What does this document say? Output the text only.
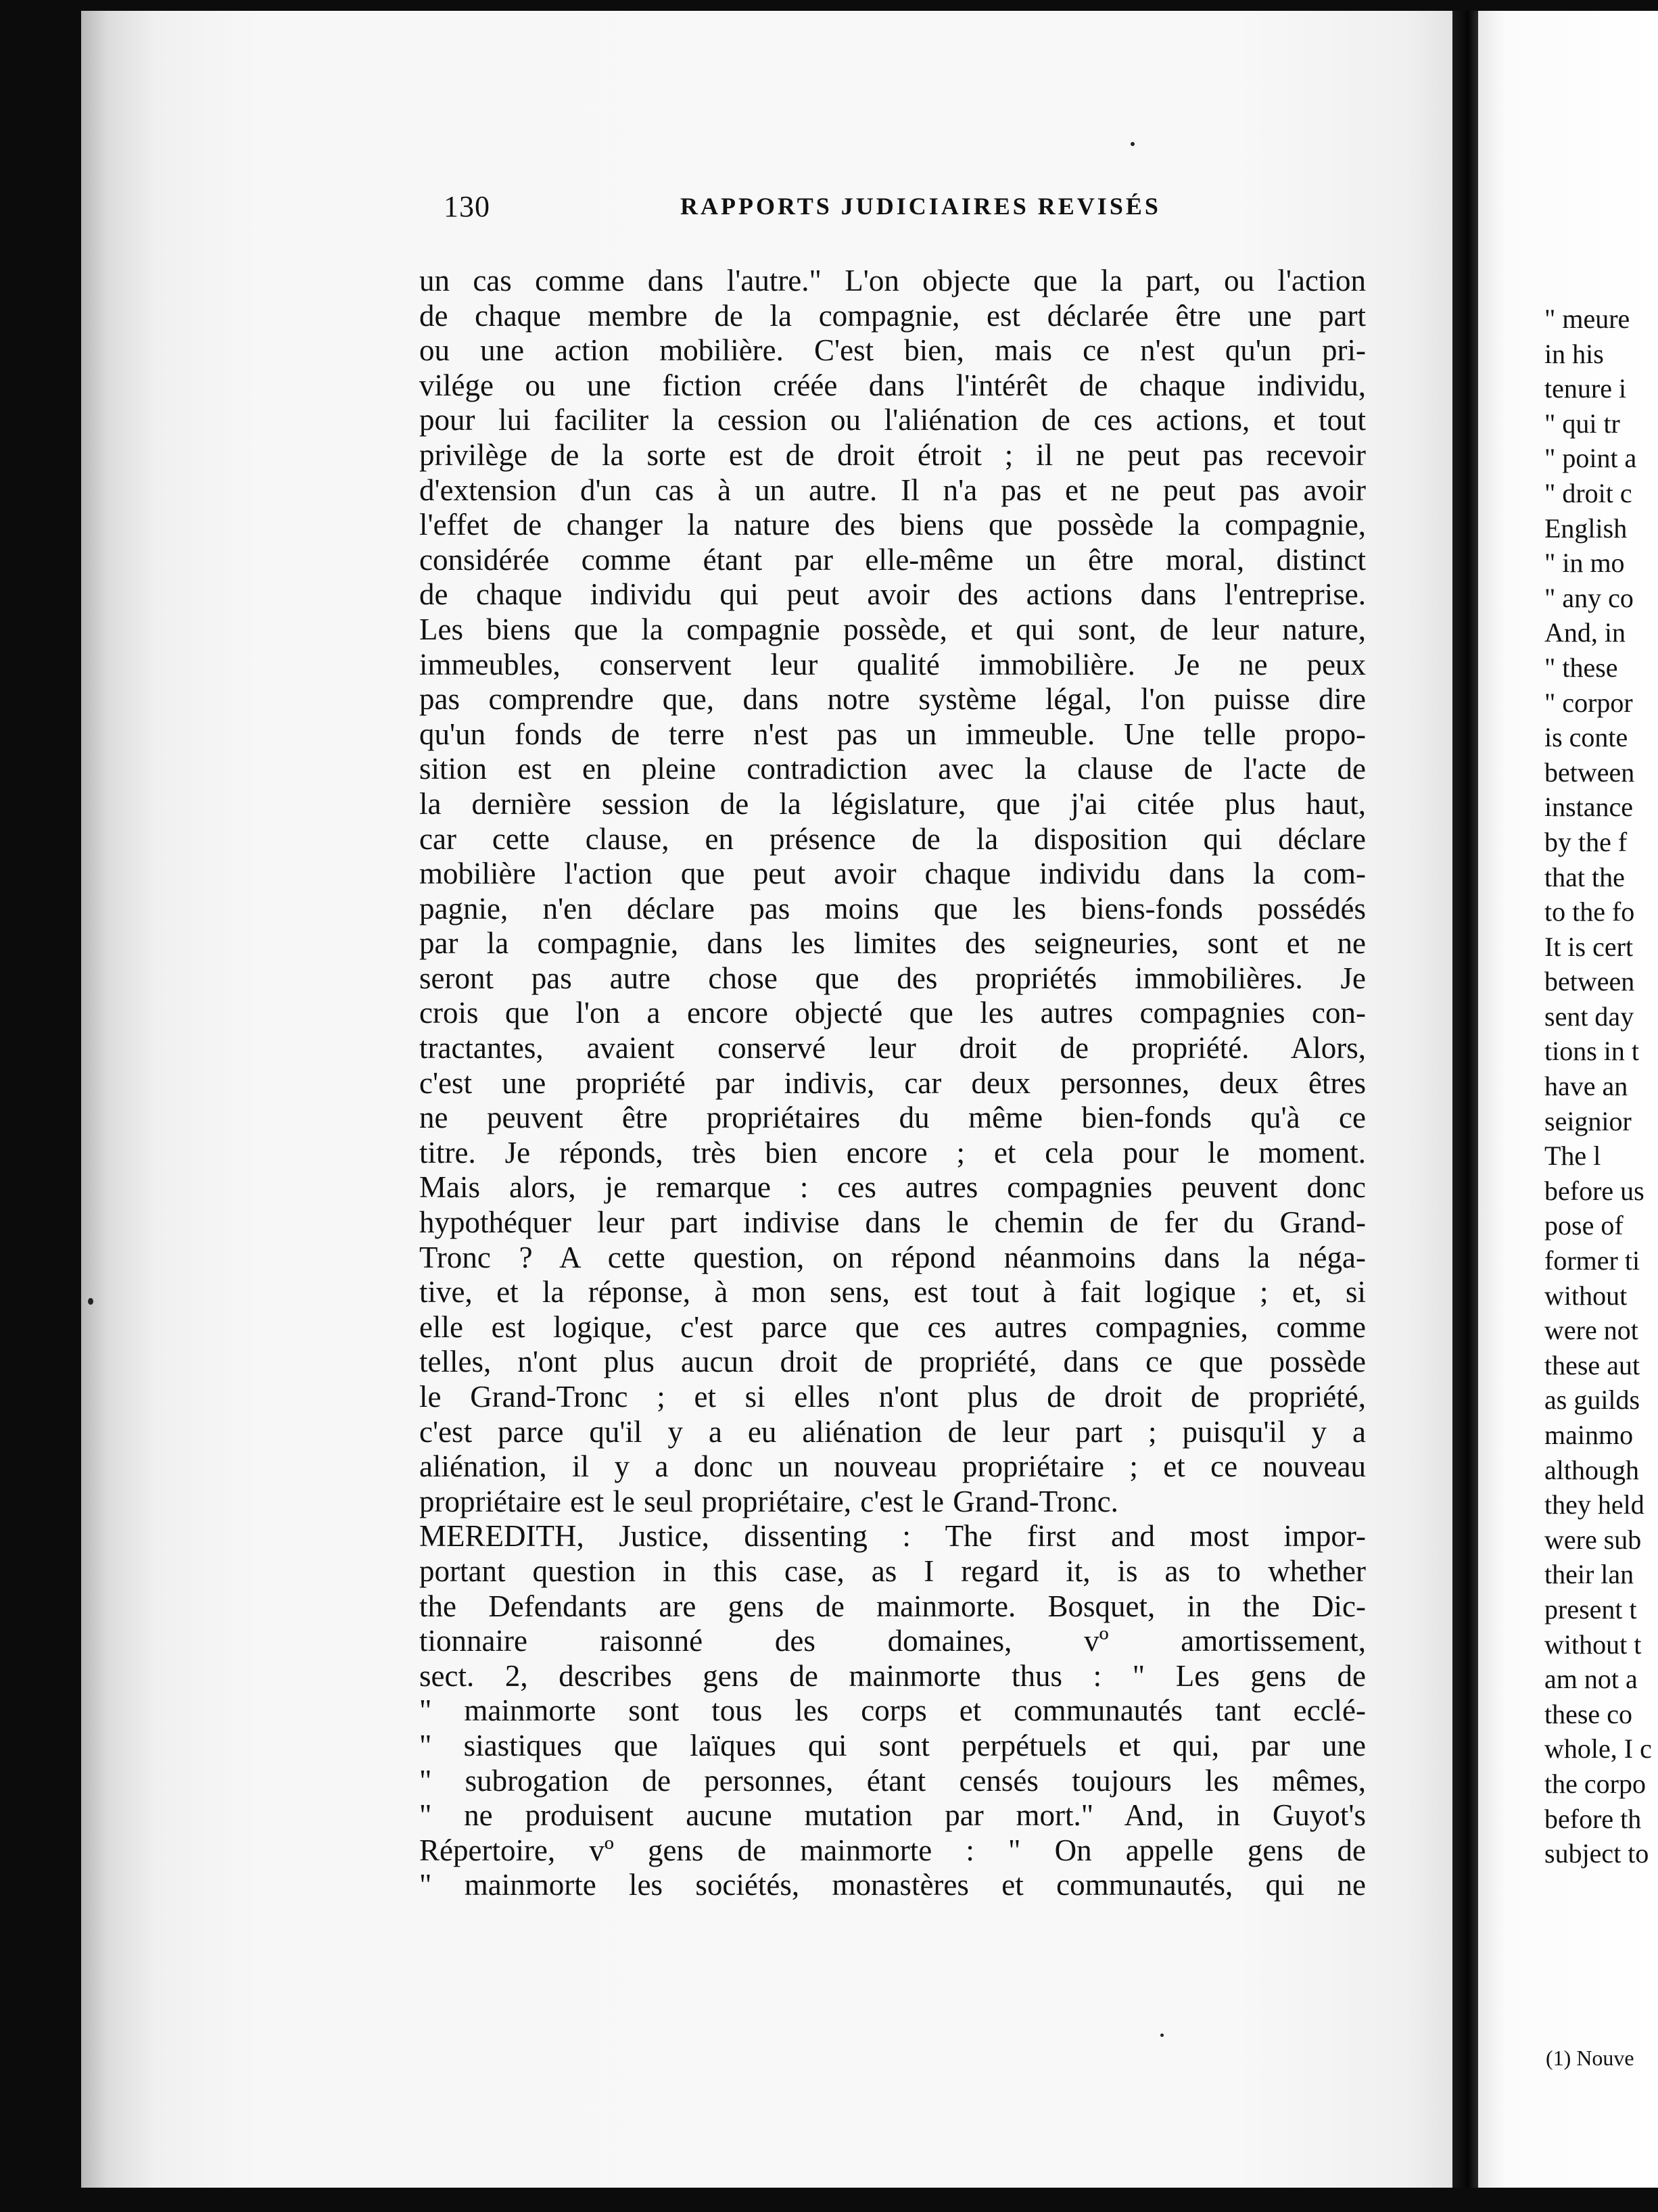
" meure
in his
tenure i
" qui tr
" point a
" droit c
English
" in mo
" any co
And, in
" these
" corpor
is conte
between
instance
by the f
that the
to the fo
It is cert
between
sent day
tions in t
have an
seignior
The l
before us
pose of
former ti
without
were not
these aut
as guilds
mainmo
although
they held
were sub
their lan
present t
without t
am not a
these co
whole, I c
the corpo
before th
subject to
(1) Nouve
130	RAPPORTS JUDICIAIRES REVISÉS
un cas comme dans l'autre." L'on objecte que la part, ou l'action
de chaque membre de la compagnie, est déclarée être une part
ou une action mobilière. C'est bien, mais ce n'est qu'un pri-
vilége ou une fiction créée dans l'intérêt de chaque individu,
pour lui faciliter la cession ou l'aliénation de ces actions, et tout
privilège de la sorte est de droit étroit ; il ne peut pas recevoir
d'extension d'un cas à un autre. Il n'a pas et ne peut pas avoir
l'effet de changer la nature des biens que possède la compagnie,
considérée comme étant par elle-même un être moral, distinct
de chaque individu qui peut avoir des actions dans l'entreprise.
Les biens que la compagnie possède, et qui sont, de leur nature,
immeubles, conservent leur qualité immobilière. Je ne peux
pas comprendre que, dans notre système légal, l'on puisse dire
qu'un fonds de terre n'est pas un immeuble. Une telle propo-
sition est en pleine contradiction avec la clause de l'acte de
la dernière session de la législature, que j'ai citée plus haut,
car cette clause, en présence de la disposition qui déclare
mobilière l'action que peut avoir chaque individu dans la com-
pagnie, n'en déclare pas moins que les biens-fonds possédés
par la compagnie, dans les limites des seigneuries, sont et ne
seront pas autre chose que des propriétés immobilières. Je
crois que l'on a encore objecté que les autres compagnies con-
tractantes, avaient conservé leur droit de propriété. Alors,
c'est une propriété par indivis, car deux personnes, deux êtres
ne peuvent être propriétaires du même bien-fonds qu'à ce
titre. Je réponds, très bien encore ; et cela pour le moment.
Mais alors, je remarque : ces autres compagnies peuvent donc
hypothéquer leur part indivise dans le chemin de fer du Grand-
Tronc ? A cette question, on répond néanmoins dans la néga-
tive, et la réponse, à mon sens, est tout à fait logique ; et, si
elle est logique, c'est parce que ces autres compagnies, comme
telles, n'ont plus aucun droit de propriété, dans ce que possède
le Grand-Tronc ; et si elles n'ont plus de droit de propriété,
c'est parce qu'il y a eu aliénation de leur part ; puisqu'il y a
aliénation, il y a donc un nouveau propriétaire ; et ce nouveau
propriétaire est le seul propriétaire, c'est le Grand-Tronc.
MEREDITH, Justice, dissenting : The first and most impor-
portant question in this case, as I regard it, is as to whether
the Defendants are gens de mainmorte. Bosquet, in the Dic-
tionnaire raisonné des domaines, vº amortissement,
sect. 2, describes gens de mainmorte thus : " Les gens de
" mainmorte sont tous les corps et communautés tant ecclé-
" siastiques que laïques qui sont perpétuels et qui, par une
" subrogation de personnes, étant censés toujours les mêmes,
" ne produisent aucune mutation par mort." And, in Guyot's
Répertoire, vº gens de mainmorte : " On appelle gens de
" mainmorte les sociétés, monastères et communautés, qui ne
